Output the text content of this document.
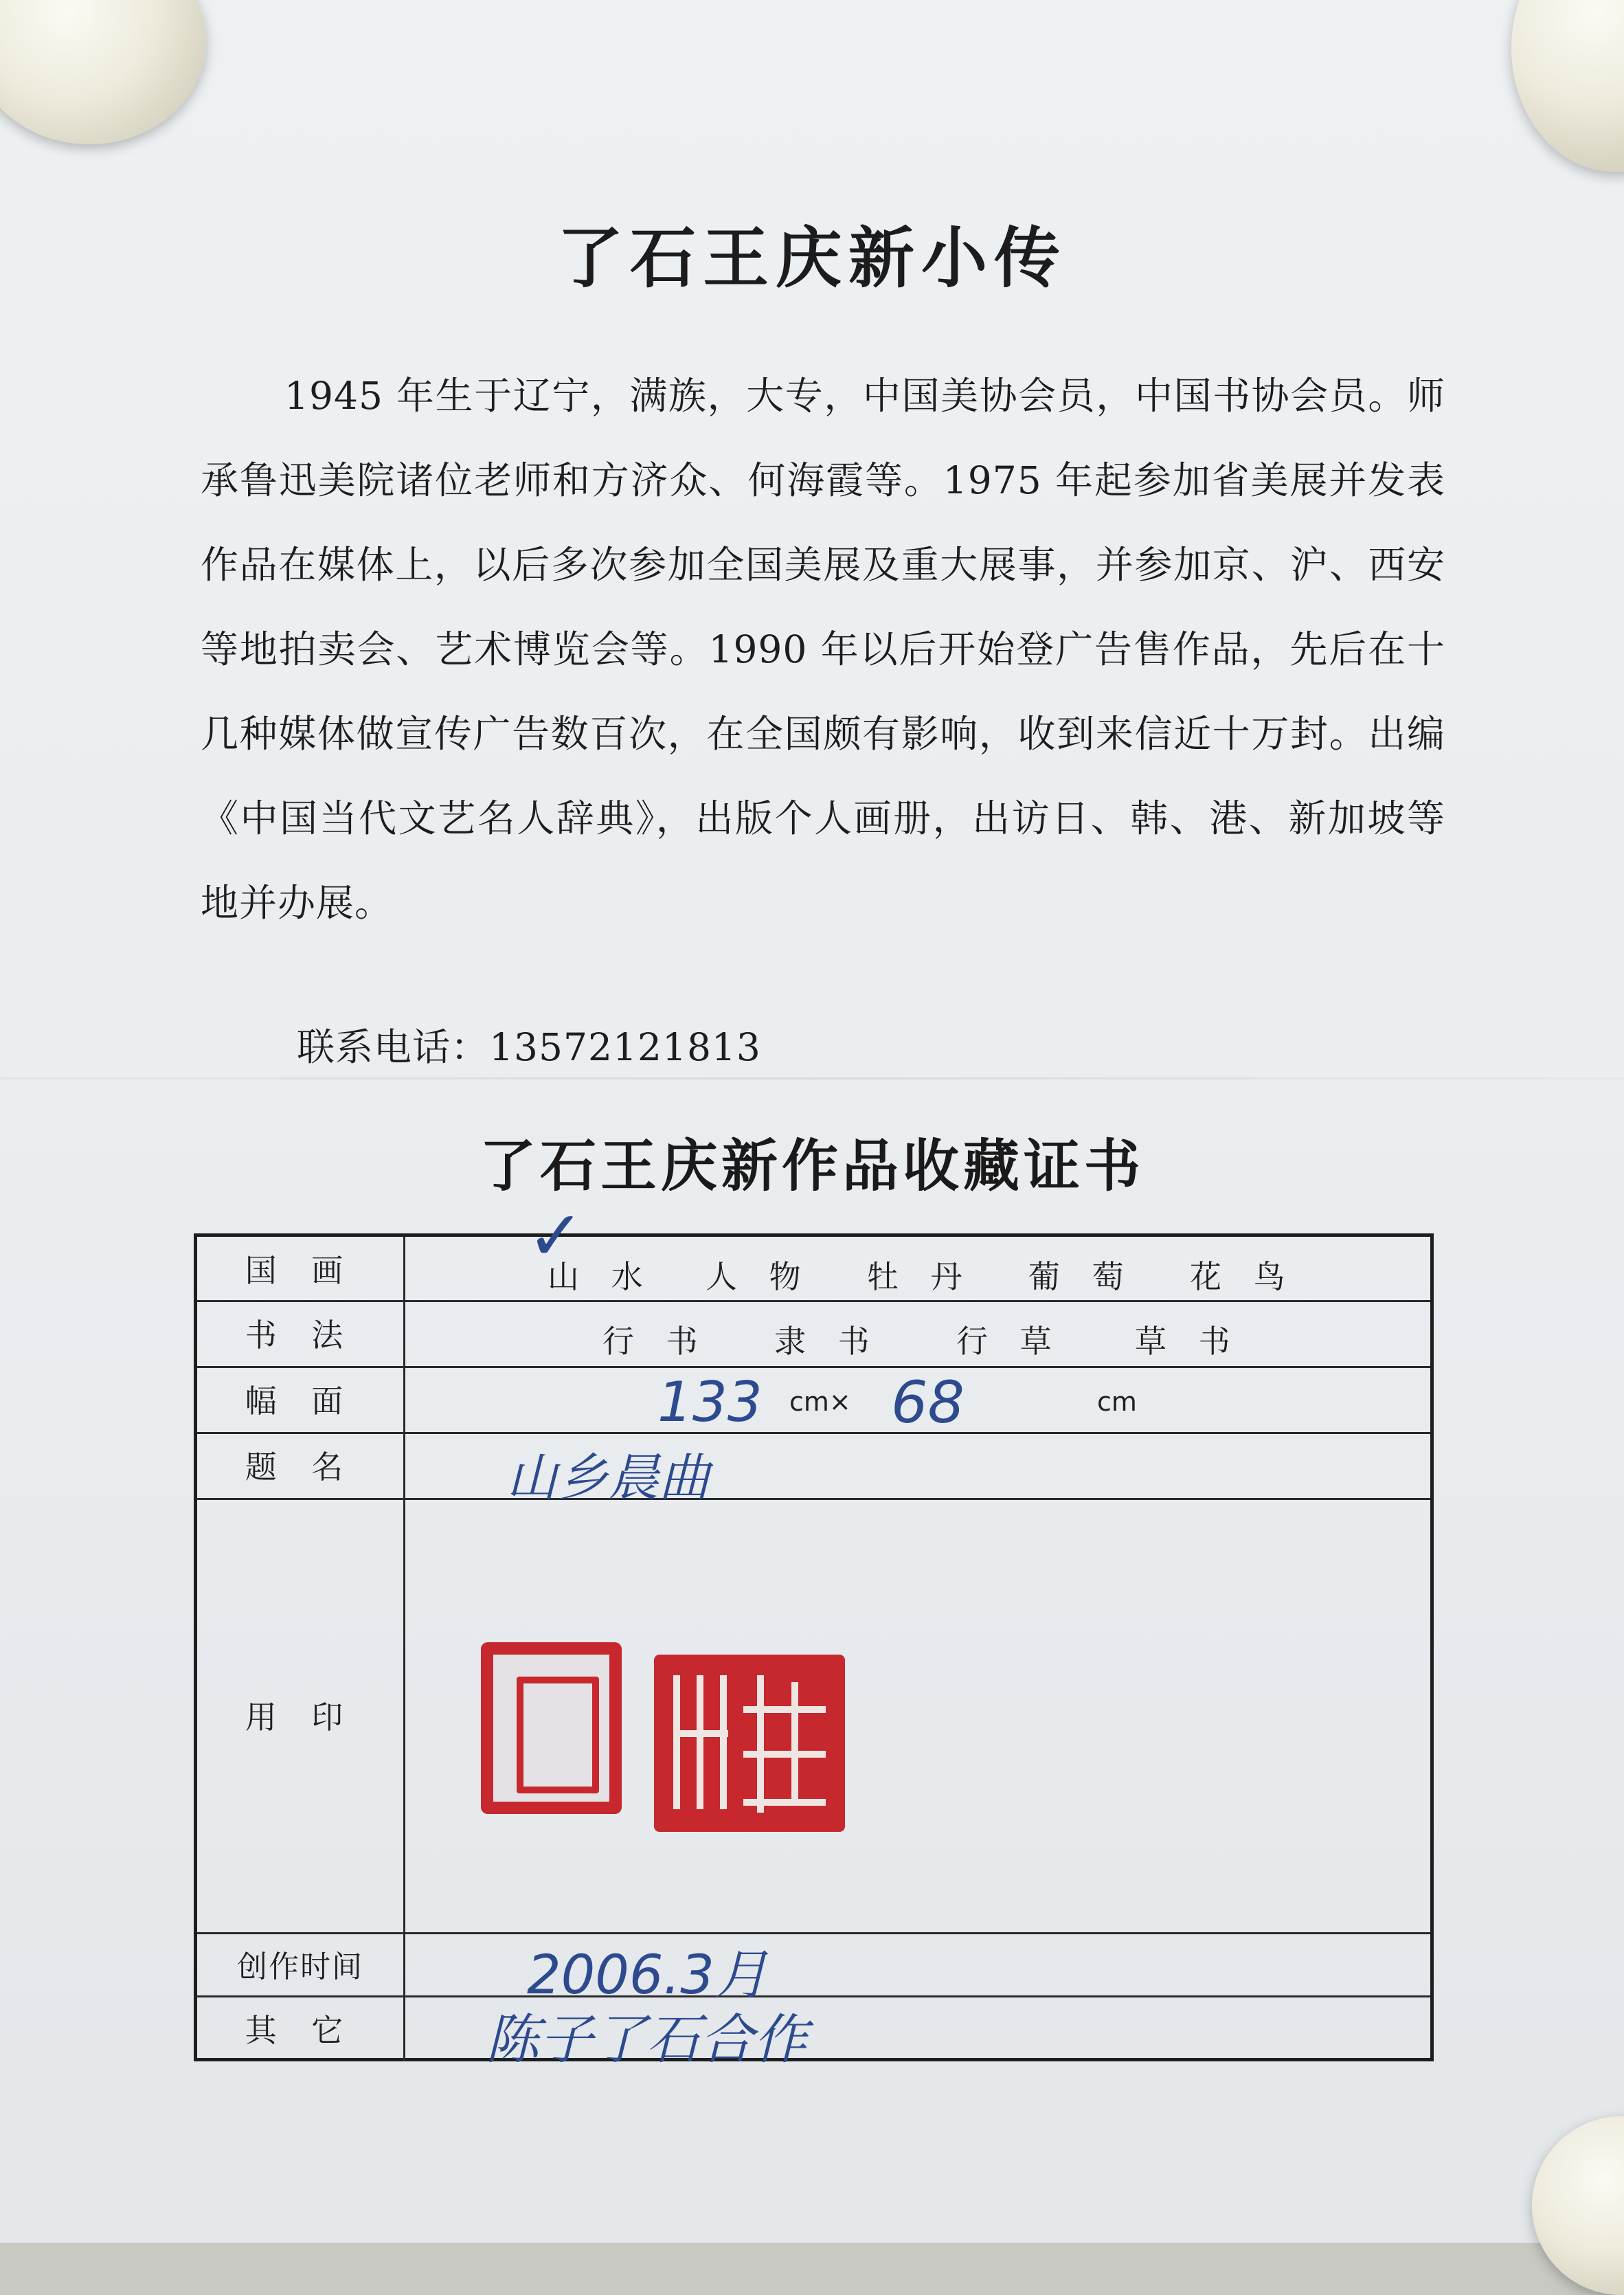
了石王庆新小传
1945 年生于辽宁，满族，大专，中国美协会员，中国书协会员。师承鲁迅美院诸位老师和方济众、何海霞等。1975 年起参加省美展并发表作品在媒体上，以后多次参加全国美展及重大展事，并参加京、沪、西安等地拍卖会、艺术博览会等。1990 年以后开始登广告售作品，先后在十几种媒体做宣传广告数百次，在全国颇有影响，收到来信近十万封。出编《中国当代文艺名人辞典》，出版个人画册，出访日、韩、港、新加坡等地并办展。
联系电话：13572121813
了石王庆新作品收藏证书
国 画	山 水 人 物 牡 丹 葡 萄 花 鸟
✓
书 法	行 书 隶 书 行 草 草 书
幅 面	133 cm× 68	cm
题 名	山乡晨曲
用 印
创作时间	2006.3月
其 它	陈子了石合作
